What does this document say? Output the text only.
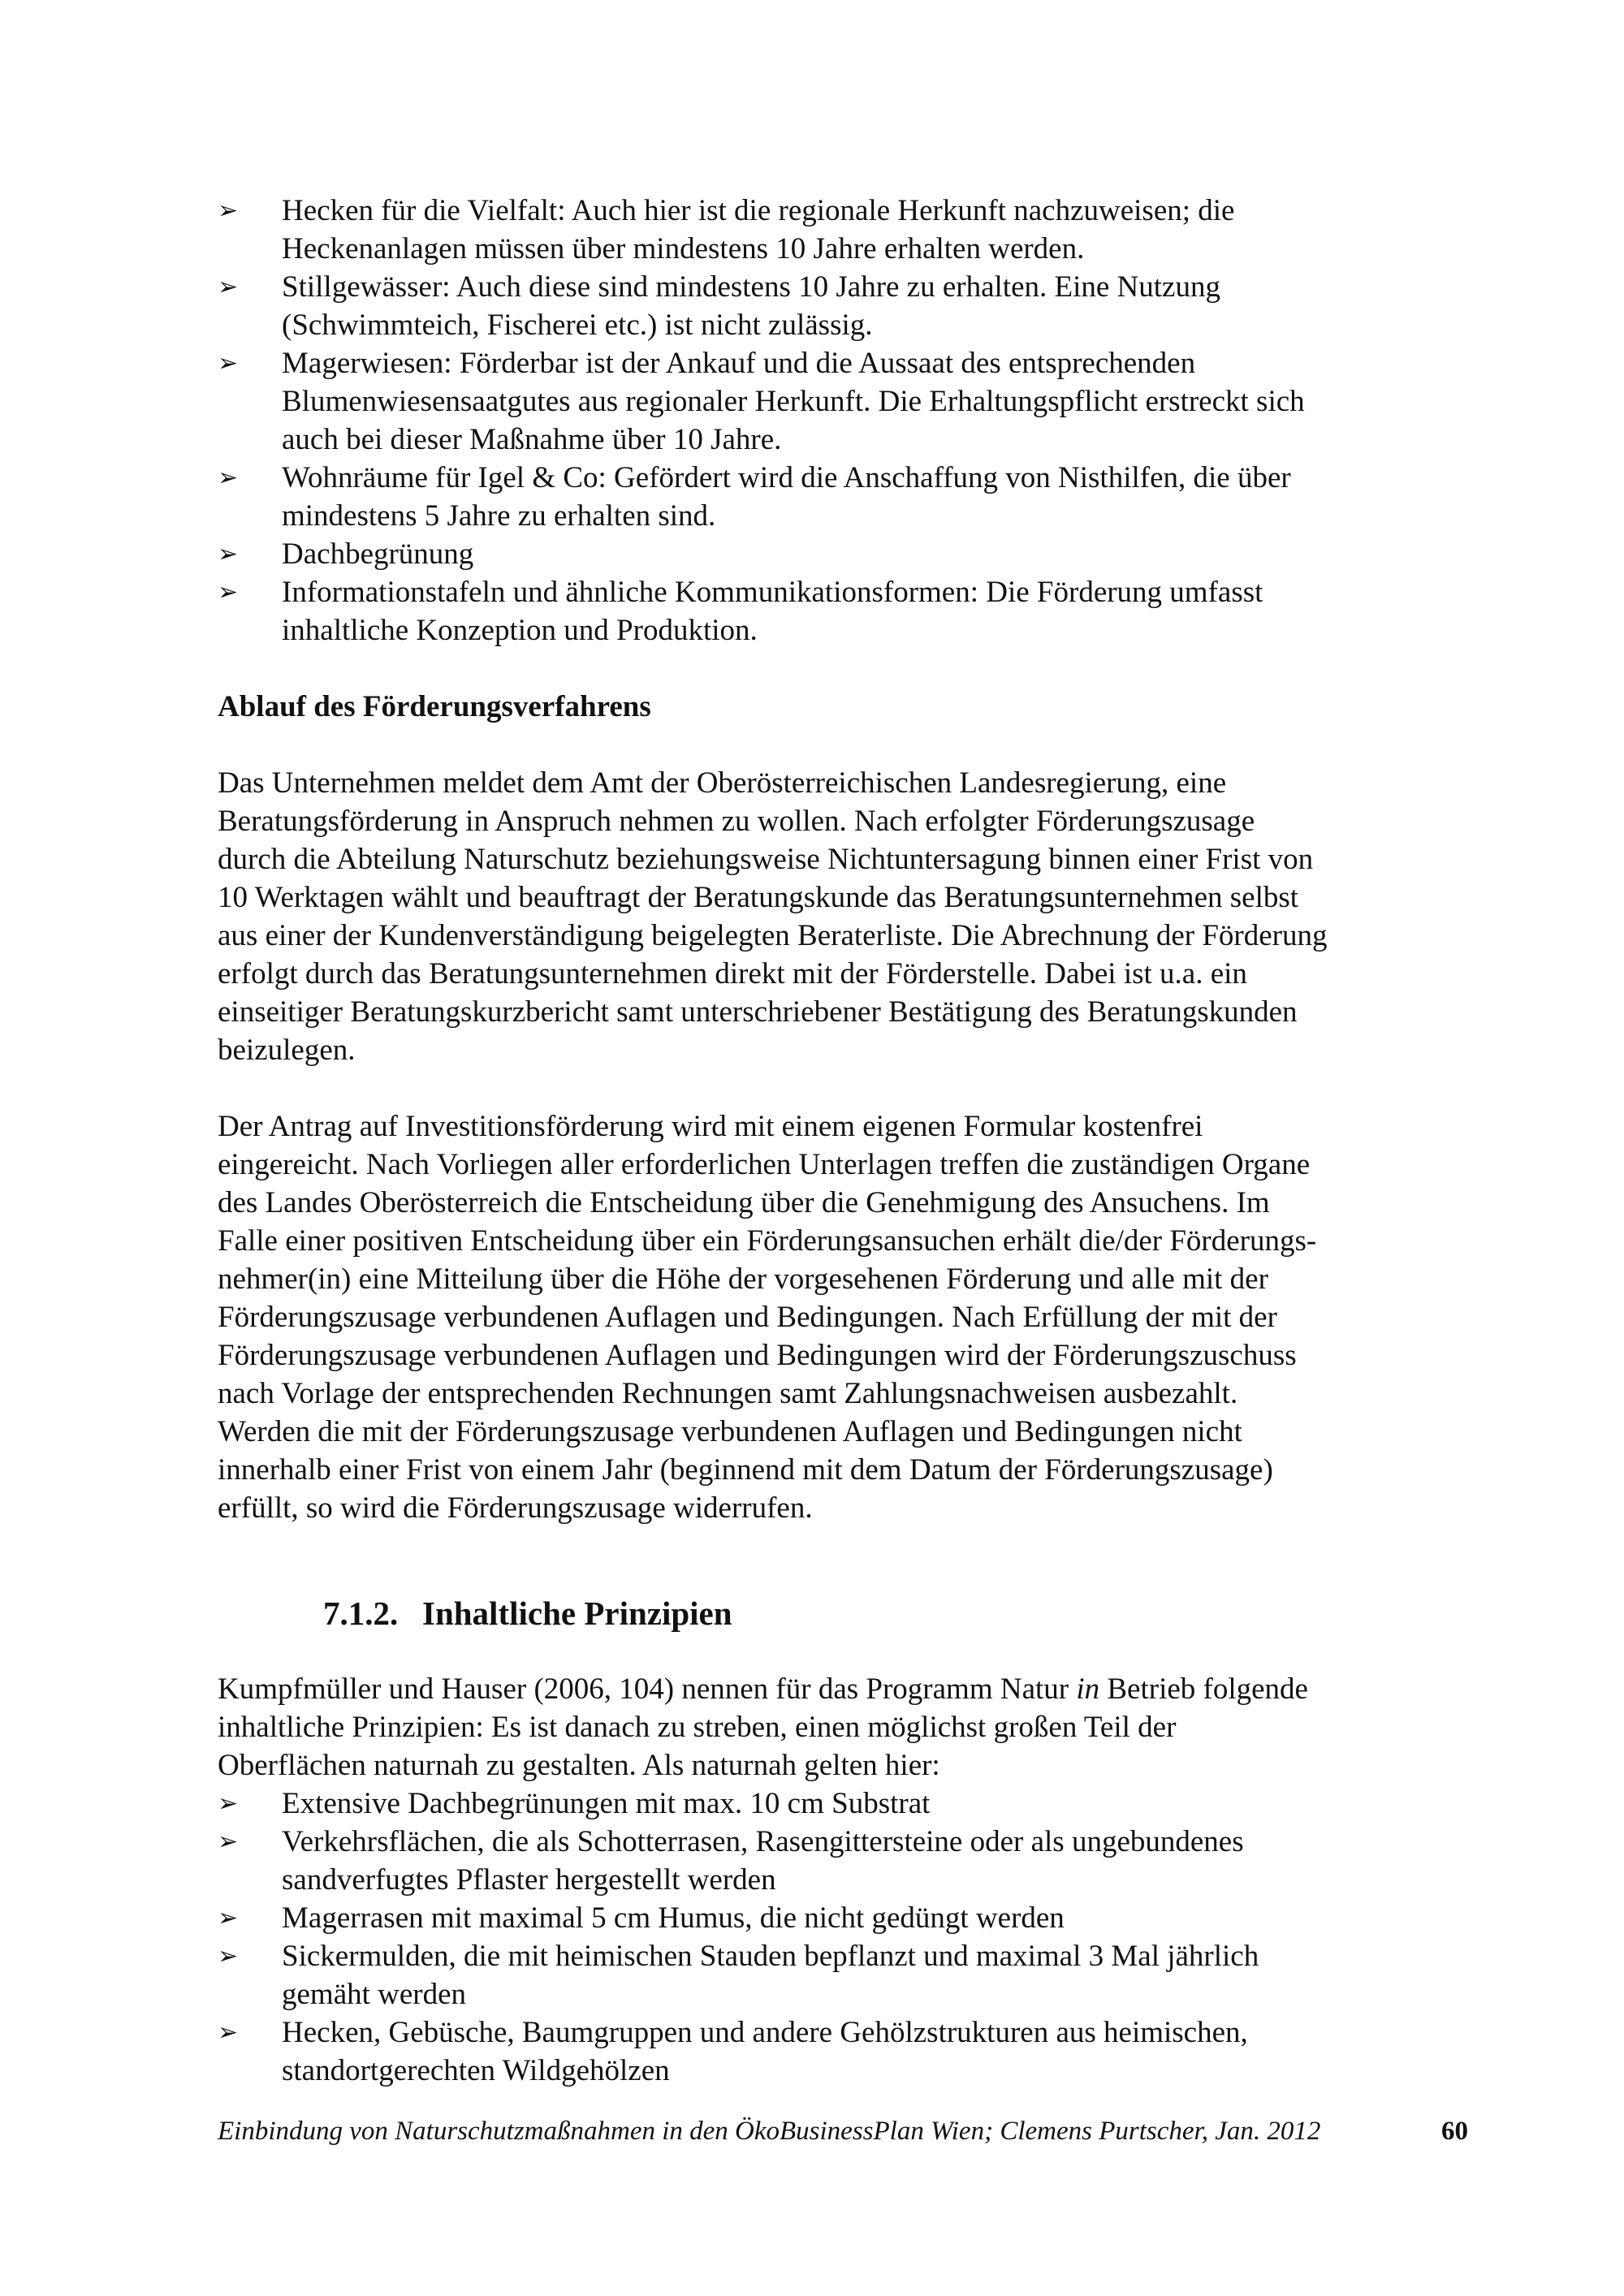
➢ Hecken für die Vielfalt: Auch hier ist die regionale Herkunft nachzuweisen; die
Heckenanlagen müssen über mindestens 10 Jahre erhalten werden.
➢ Stillgewässer: Auch diese sind mindestens 10 Jahre zu erhalten. Eine Nutzung
(Schwimmteich, Fischerei etc.) ist nicht zulässig.
➢ Magerwiesen: Förderbar ist der Ankauf und die Aussaat des entsprechenden
Blumenwiesensaatgutes aus regionaler Herkunft. Die Erhaltungspflicht erstreckt sich
auch bei dieser Maßnahme über 10 Jahre.
➢ Wohnräume für Igel & Co: Gefördert wird die Anschaffung von Nisthilfen, die über
mindestens 5 Jahre zu erhalten sind.
➢ Dachbegrünung
➢ Informationstafeln und ähnliche Kommunikationsformen: Die Förderung umfasst
inhaltliche Konzeption und Produktion.
Ablauf des Förderungsverfahrens

Das Unternehmen meldet dem Amt der Oberösterreichischen Landesregierung, eine
Beratungsförderung in Anspruch nehmen zu wollen. Nach erfolgter Förderungszusage
durch die Abteilung Naturschutz beziehungsweise Nichtuntersagung binnen einer Frist von
10 Werktagen wählt und beauftragt der Beratungskunde das Beratungsunternehmen selbst
aus einer der Kundenverständigung beigelegten Beraterliste. Die Abrechnung der Förderung
erfolgt durch das Beratungsunternehmen direkt mit der Förderstelle. Dabei ist u.a. ein
einseitiger Beratungskurzbericht samt unterschriebener Bestätigung des Beratungskunden
beizulegen.

Der Antrag auf Investitionsförderung wird mit einem eigenen Formular kostenfrei
eingereicht. Nach Vorliegen aller erforderlichen Unterlagen treffen die zuständigen Organe
des Landes Oberösterreich die Entscheidung über die Genehmigung des Ansuchens. Im
Falle einer positiven Entscheidung über ein Förderungsansuchen erhält die/der Förderungs-
nehmer(in) eine Mitteilung über die Höhe der vorgesehenen Förderung und alle mit der
Förderungszusage verbundenen Auflagen und Bedingungen. Nach Erfüllung der mit der
Förderungszusage verbundenen Auflagen und Bedingungen wird der Förderungszuschuss
nach Vorlage der entsprechenden Rechnungen samt Zahlungsnachweisen ausbezahlt.
Werden die mit der Förderungszusage verbundenen Auflagen und Bedingungen nicht
innerhalb einer Frist von einem Jahr (beginnend mit dem Datum der Förderungszusage)
erfüllt, so wird die Förderungszusage widerrufen.

7.1.2. Inhaltliche Prinzipien

Kumpfmüller und Hauser (2006, 104) nennen für das Programm Natur in Betrieb folgende
inhaltliche Prinzipien: Es ist danach zu streben, einen möglichst großen Teil der
Oberflächen naturnah zu gestalten. Als naturnah gelten hier:

➢ Extensive Dachbegrünungen mit max. 10 cm Substrat
➢ Verkehrsflächen, die als Schotterrasen, Rasengittersteine oder als ungebundenes
sandverfugtes Pflaster hergestellt werden
➢ Magerrasen mit maximal 5 cm Humus, die nicht gedüngt werden
➢ Sickermulden, die mit heimischen Stauden bepflanzt und maximal 3 Mal jährlich
gemäht werden
➢ Hecken, Gebüsche, Baumgruppen und andere Gehölzstrukturen aus heimischen,
standortgerechten Wildgehölzen
Einbindung von Naturschutzmaßnahmen in den ÖkoBusinessPlan Wien; Clemens Purtscher, Jan. 2012	60
